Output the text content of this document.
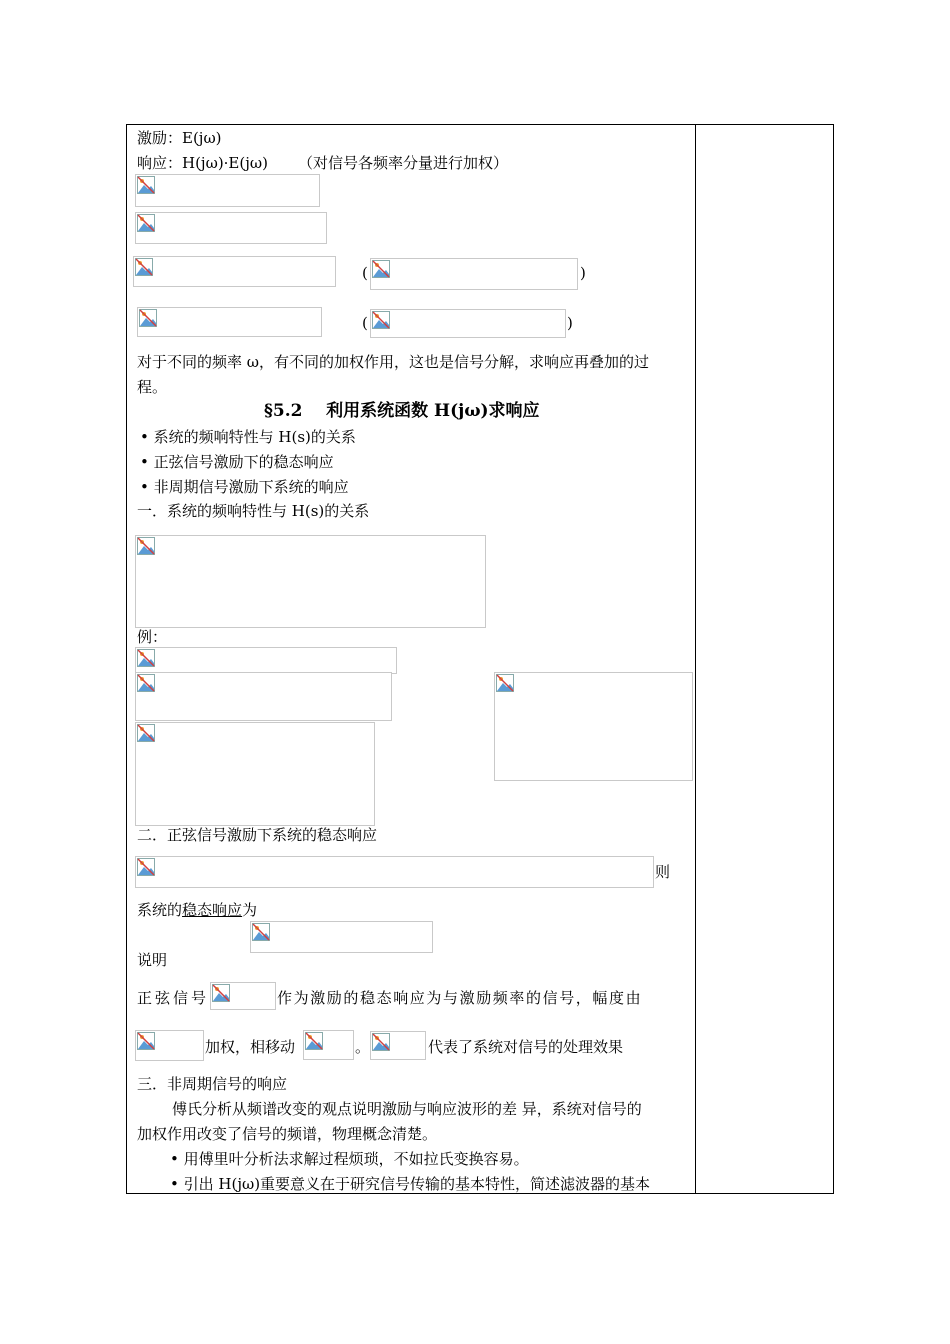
激励：E(jω)
响应：H(jω)·E(jω) （对信号各频率分量进行加权）
(	)
(	)
对于不同的频率 ω，有不同的加权作用，这也是信号分解，求响应再叠加的过
程。
§5.2    利用系统函数 H(jω)求响应
• 系统的频响特性与 H(s)的关系
• 正弦信号激励下的稳态响应
• 非周期信号激励下系统的响应
一．系统的频响特性与 H(s)的关系
例：
二．正弦信号激励下系统的稳态响应
则
系统的稳态响应为
说明
正弦信号	作为激励的稳态响应为与激励频率的信号，幅度由
加权，相移动	。	代表了系统对信号的处理效果
三．非周期信号的响应
傅氏分析从频谱改变的观点说明激励与响应波形的差 异，系统对信号的
加权作用改变了信号的频谱，物理概念清楚。
• 用傅里叶分析法求解过程烦琐，不如拉氏变换容易。
• 引出 H(jω)重要意义在于研究信号传输的基本特性，简述滤波器的基本
